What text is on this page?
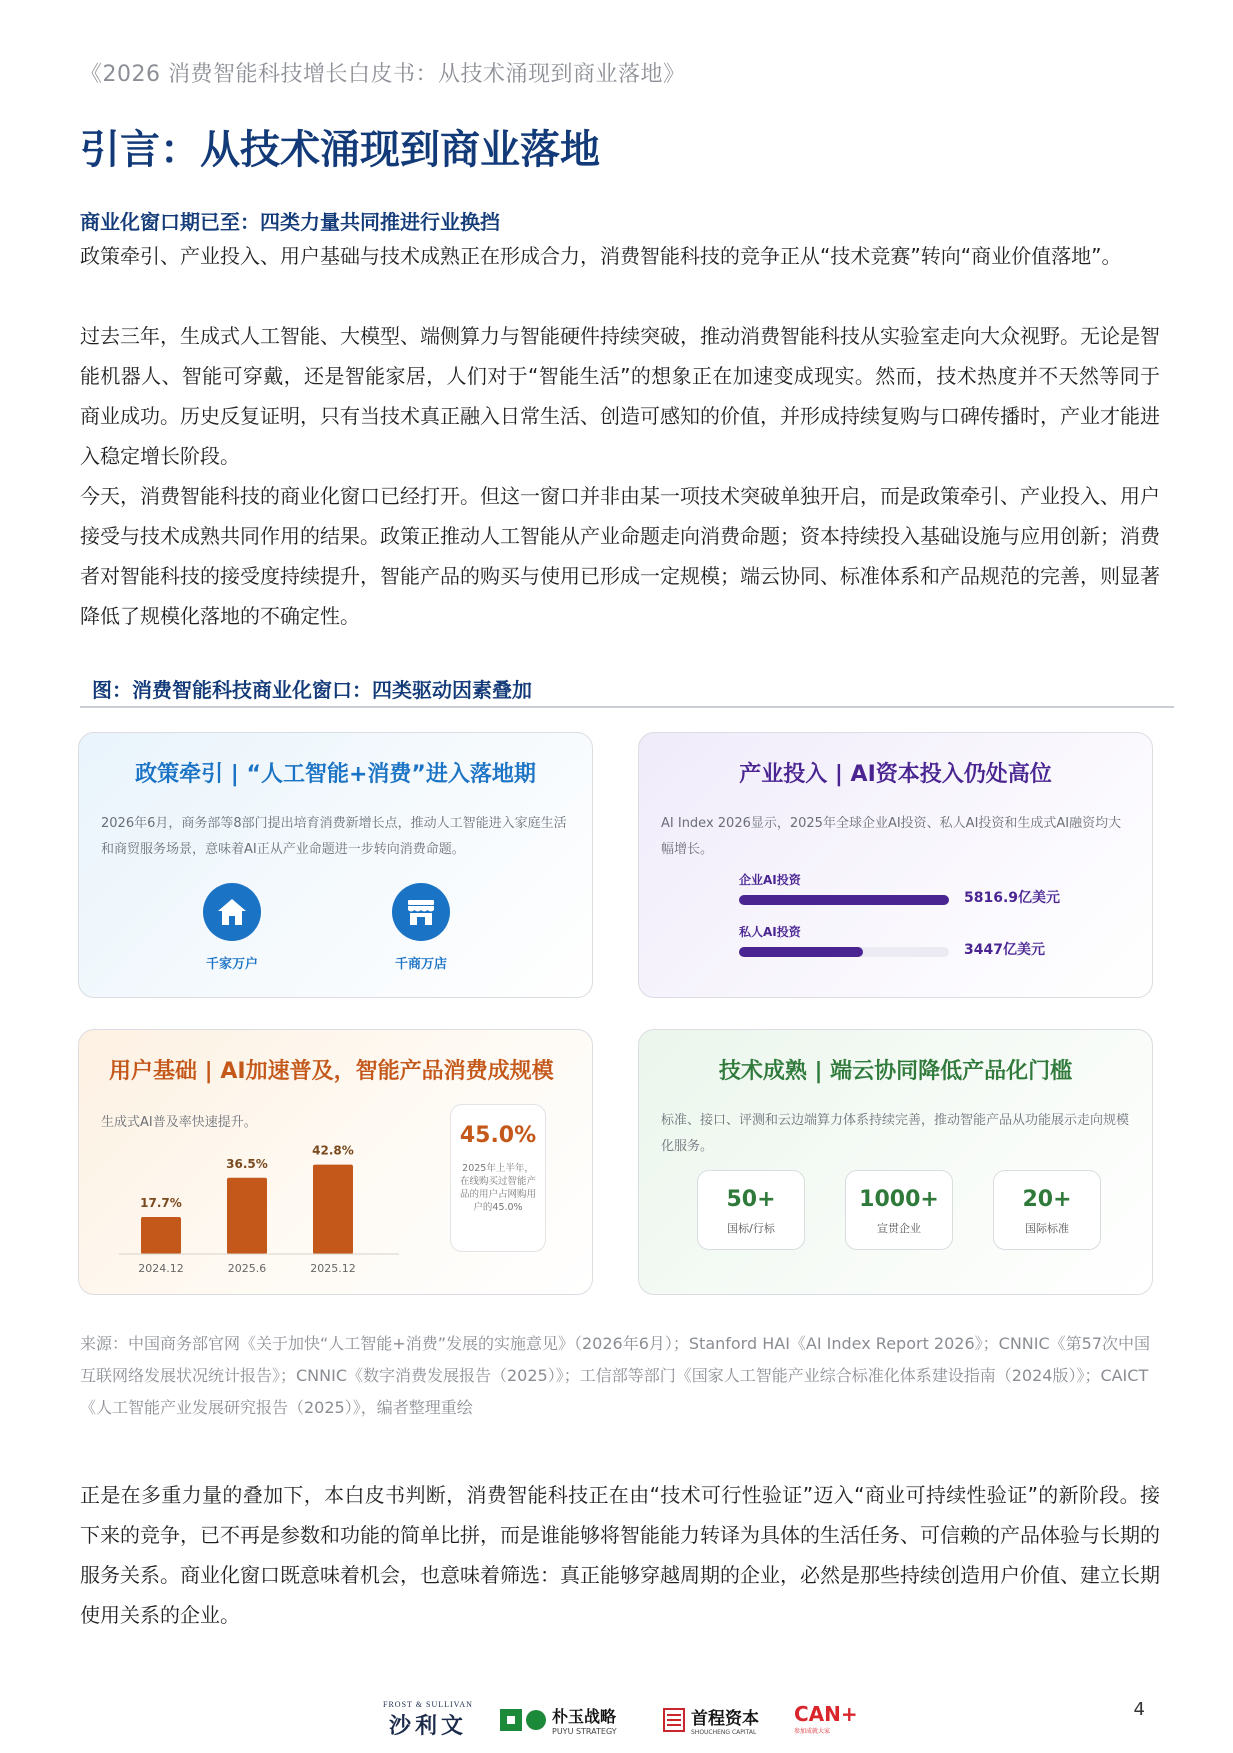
《2026 消费智能科技增长白皮书：从技术涌现到商业落地》
引言：从技术涌现到商业落地
商业化窗口期已至：四类力量共同推进行业换挡

政策牵引、产业投入、用户基础与技术成熟正在形成合力，消费智能科技的竞争正从“技术竞赛”转向“商业价值落地”。

过去三年，生成式人工智能、大模型、端侧算力与智能硬件持续突破，推动消费智能科技从实验室走向大众视野。无论是智能机器人、智能可穿戴，还是智能家居，人们对于“智能生活”的想象正在加速变成现实。然而，技术热度并不天然等同于商业成功。历史反复证明，只有当技术真正融入日常生活、创造可感知的价值，并形成持续复购与口碑传播时，产业才能进入稳定增长阶段。

今天，消费智能科技的商业化窗口已经打开。但这一窗口并非由某一项技术突破单独开启，而是政策牵引、产业投入、用户接受与技术成熟共同作用的结果。政策正推动人工智能从产业命题走向消费命题；资本持续投入基础设施与应用创新；消费者对智能科技的接受度持续提升，智能产品的购买与使用已形成一定规模；端云协同、标准体系和产品规范的完善，则显著降低了规模化落地的不确定性。

图：消费智能科技商业化窗口：四类驱动因素叠加
政策牵引 | “人工智能+消费”进入落地期
2026年6月，商务部等8部门提出培育消费新增长点，推动人工智能进入家庭生活和商贸服务场景，意味着AI正从产业命题进一步转向消费命题。
千家万户	千商万店
产业投入 | AI资本投入仍处高位
AI Index 2026显示，2025年全球企业AI投资、私人AI投资和生成式AI融资均大幅增长。
企业AI投资
5816.9亿美元
私人AI投资
3447亿美元
用户基础 | AI加速普及，智能产品消费成规模
生成式AI普及率快速提升。
17.7%
2024.12
36.5%
2025.6
42.8%
2025.12
45.0%
2025年上半年，在线购买过智能产品的用户占网购用户的45.0%
技术成熟 | 端云协同降低产品化门槛
标准、接口、评测和云边端算力体系持续完善，推动智能产品从功能展示走向规模化服务。
50+
国标/行标
1000+
宣贯企业
20+
国际标准

来源：中国商务部官网《关于加快“人工智能+消费”发展的实施意见》（2026年6月）；Stanford HAI《AI Index Report 2026》；CNNIC《第57次中国互联网络发展状况统计报告》；CNNIC《数字消费发展报告（2025）》；工信部等部门《国家人工智能产业综合标准化体系建设指南（2024版）》；CAICT《人工智能产业发展研究报告（2025）》，编者整理重绘

正是在多重力量的叠加下，本白皮书判断，消费智能科技正在由“技术可行性验证”迈入“商业可持续性验证”的新阶段。接下来的竞争，已不再是参数和功能的简单比拼，而是谁能够将智能能力转译为具体的生活任务、可信赖的产品体验与长期的服务关系。商业化窗口既意味着机会，也意味着筛选：真正能够穿越周期的企业，必然是那些持续创造用户价值、建立长期使用关系的企业。

FROST & SULLIVAN
沙利文	朴玉战略
PUYU STRATEGY
首程资本
SHOUCHENG CAPITAL
CAN+
参加成就大家
4
